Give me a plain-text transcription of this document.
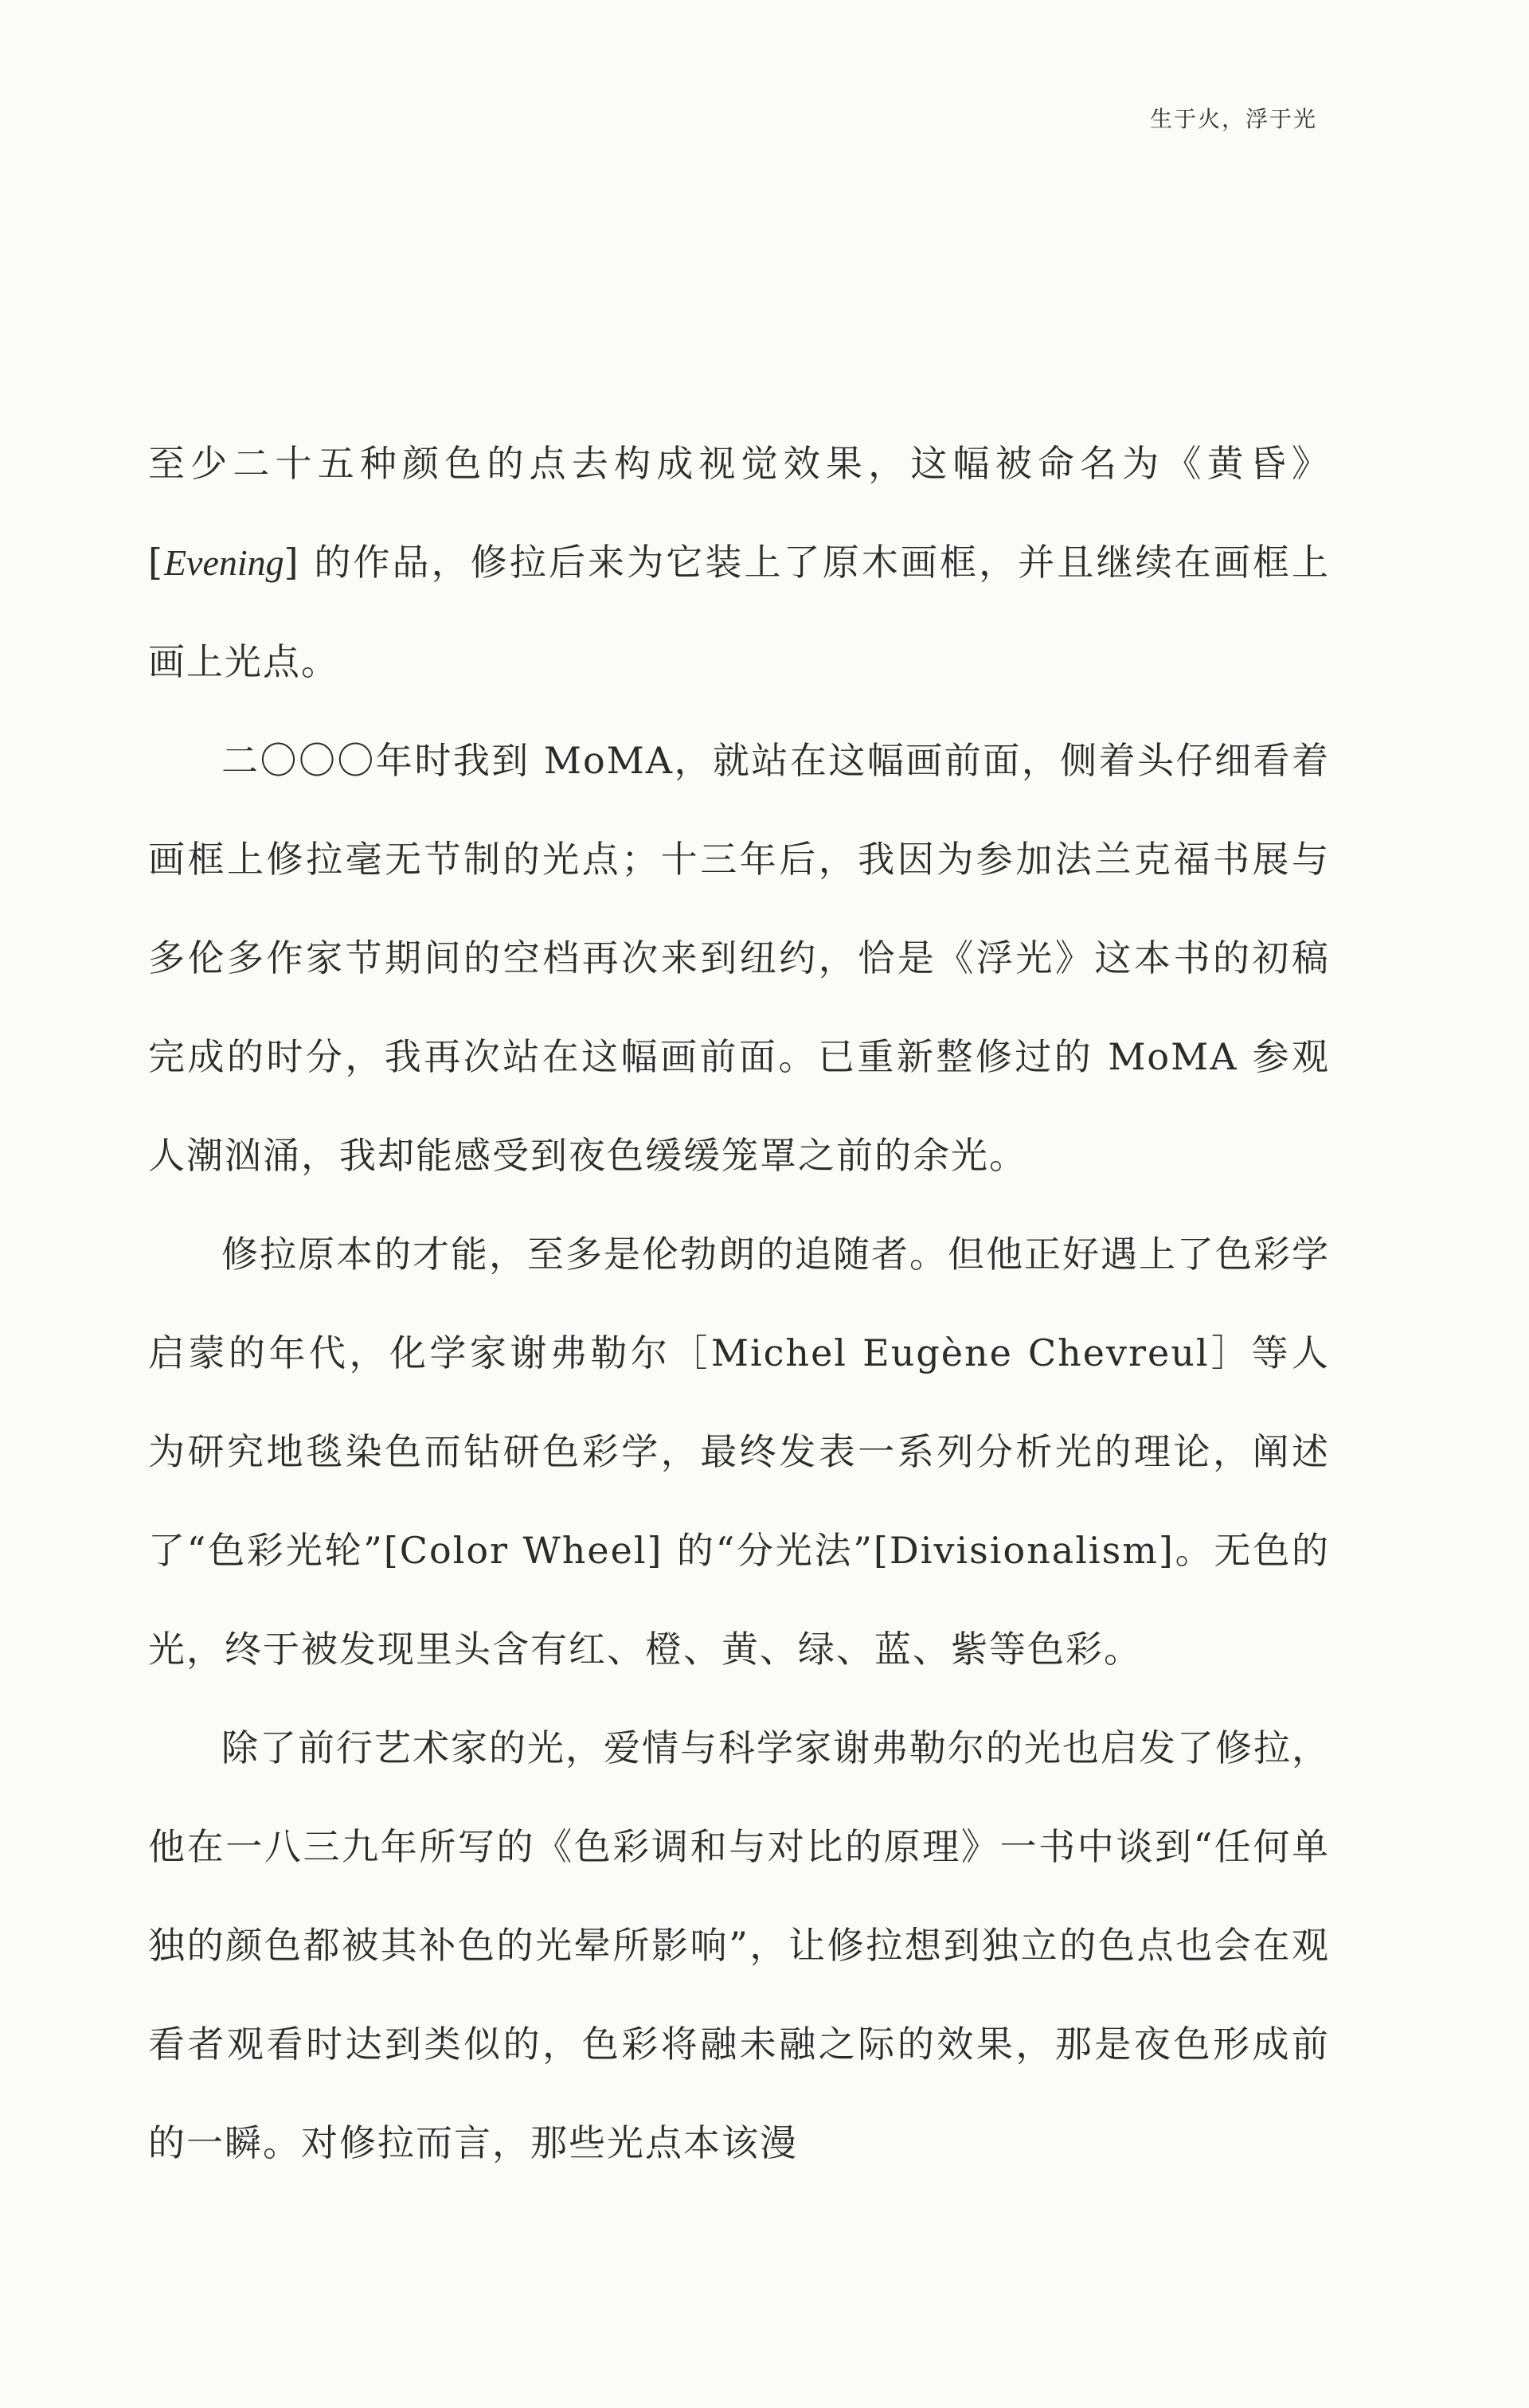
生于火，浮于光

至少二十五种颜色的点去构成视觉效果，这幅被命名为《黄昏》[Evening] 的作品，修拉后来为它装上了原木画框，并且继续在画框上画上光点。

二〇〇〇年时我到 MoMA，就站在这幅画前面，侧着头仔细看着画框上修拉毫无节制的光点；十三年后，我因为参加法兰克福书展与多伦多作家节期间的空档再次来到纽约，恰是《浮光》这本书的初稿完成的时分，我再次站在这幅画前面。已重新整修过的 MoMA 参观人潮汹涌，我却能感受到夜色缓缓笼罩之前的余光。

修拉原本的才能，至多是伦勃朗的追随者。但他正好遇上了色彩学启蒙的年代，化学家谢弗勒尔［Michel Eugène Chevreul］等人为研究地毯染色而钻研色彩学，最终发表一系列分析光的理论，阐述了“色彩光轮”[Color Wheel] 的“分光法”[Divisionalism]。无色的光，终于被发现里头含有红、橙、黄、绿、蓝、紫等色彩。

除了前行艺术家的光，爱情与科学家谢弗勒尔的光也启发了修拉，他在一八三九年所写的《色彩调和与对比的原理》一书中谈到“任何单独的颜色都被其补色的光晕所影响”，让修拉想到独立的色点也会在观看者观看时达到类似的，色彩将融未融之际的效果，那是夜色形成前的一瞬。对修拉而言，那些光点本该漫
